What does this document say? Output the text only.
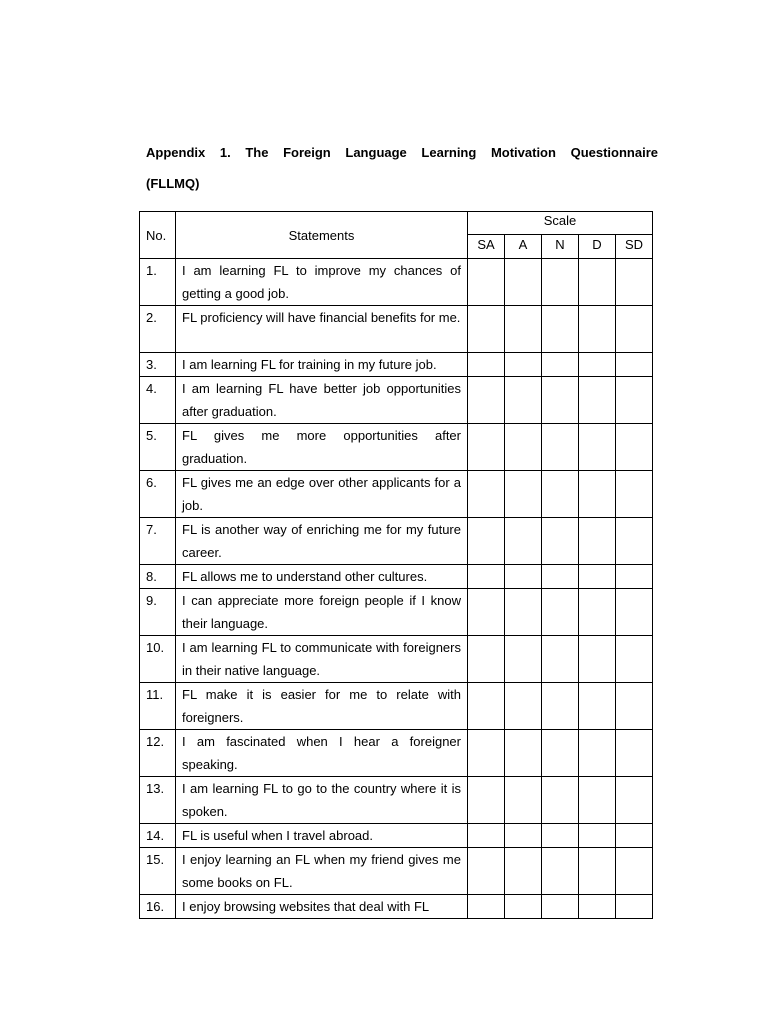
Appendix 1. The Foreign Language Learning Motivation Questionnaire
(FLLMQ)

No.	Statements	Scale				
		SA	A	N	D	SD
1.	I am learning FL to improve my chances of getting a good job.					
2.	FL proficiency will have financial benefits for me.					
3.	I am learning FL for training in my future job.					
4.	I am learning FL have better job opportunities after graduation.					
5.	FL gives me more opportunities after graduation.					
6.	FL gives me an edge over other applicants for a job.					
7.	FL is another way of enriching me for my future career.					
8.	FL allows me to understand other cultures.					
9.	I can appreciate more foreign people if I know their language.					
10.	I am learning FL to communicate with foreigners in their native language.					
11.	FL make it is easier for me to relate with foreigners.					
12.	I am fascinated when I hear a foreigner speaking.					
13.	I am learning FL to go to the country where it is spoken.					
14.	FL is useful when I travel abroad.					
15.	I enjoy learning an FL when my friend gives me some books on FL.					
16.	I enjoy browsing websites that deal with FL					
